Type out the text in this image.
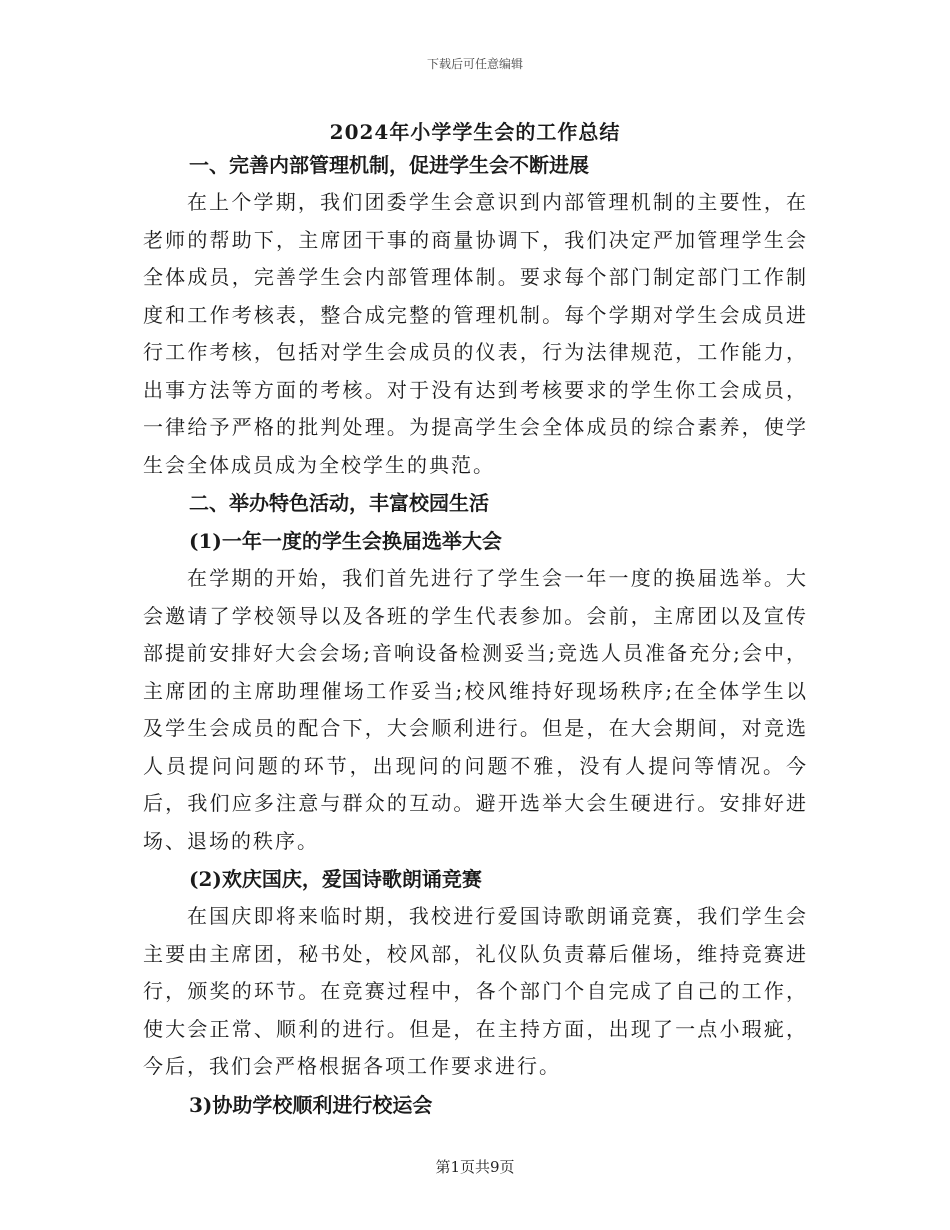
下载后可任意编辑
2024年小学学生会的工作总结
一、完善内部管理机制，促进学生会不断进展

在上个学期，我们团委学生会意识到内部管理机制的主要性，在老师的帮助下，主席团干事的商量协调下，我们决定严加管理学生会全体成员，完善学生会内部管理体制。要求每个部门制定部门工作制度和工作考核表，整合成完整的管理机制。每个学期对学生会成员进行工作考核，包括对学生会成员的仪表，行为法律规范，工作能力，出事方法等方面的考核。对于没有达到考核要求的学生你工会成员，一律给予严格的批判处理。为提高学生会全体成员的综合素养，使学生会全体成员成为全校学生的典范。

二、举办特色活动，丰富校园生活
(1)一年一度的学生会换届选举大会

在学期的开始，我们首先进行了学生会一年一度的换届选举。大会邀请了学校领导以及各班的学生代表参加。会前，主席团以及宣传部提前安排好大会会场;音响设备检测妥当;竞选人员准备充分;会中，主席团的主席助理催场工作妥当;校风维持好现场秩序;在全体学生以及学生会成员的配合下，大会顺利进行。但是，在大会期间，对竞选人员提问问题的环节，出现问的问题不雅，没有人提问等情况。今后，我们应多注意与群众的互动。避开选举大会生硬进行。安排好进场、退场的秩序。

(2)欢庆国庆，爱国诗歌朗诵竞赛

在国庆即将来临时期，我校进行爱国诗歌朗诵竞赛，我们学生会主要由主席团，秘书处，校风部，礼仪队负责幕后催场，维持竞赛进行，颁奖的环节。在竞赛过程中，各个部门个自完成了自己的工作，使大会正常、顺利的进行。但是，在主持方面，出现了一点小瑕疵，今后，我们会严格根据各项工作要求进行。

3)协助学校顺利进行校运会
第1页共9页
